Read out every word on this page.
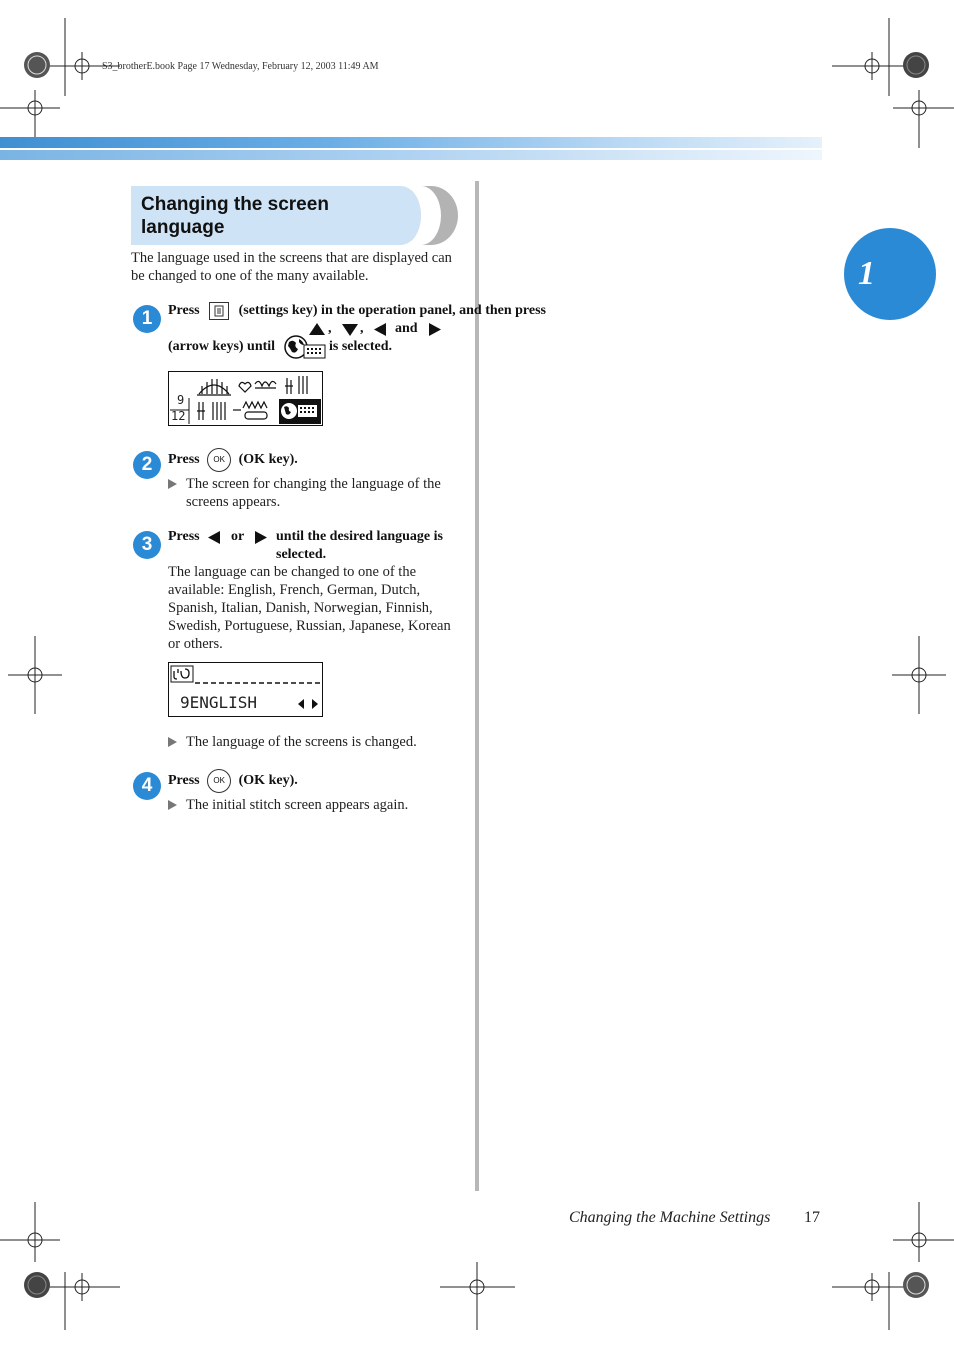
S3_brotherE.book Page 17 Wednesday, February 12, 2003 11:49 AM
1
Changing the screen language
The language used in the screens that are displayed can be changed to one of the many available.
1	Press	(settings key) in the operation panel, and then press
, , and
(arrow keys) until	is selected.
9
12
2	Press OK (OK key).
The screen for changing the language of the screens appears.
3	Press or until the desired language is selected.
The language can be changed to one of the available: English, French, German, Dutch, Spanish, Italian, Danish, Norwegian, Finnish, Swedish, Portuguese, Russian, Japanese, Korean or others.
9ENGLISH
The language of the screens is changed.
4	Press OK (OK key).
The initial stitch screen appears again.
Changing the Machine Settings 17
